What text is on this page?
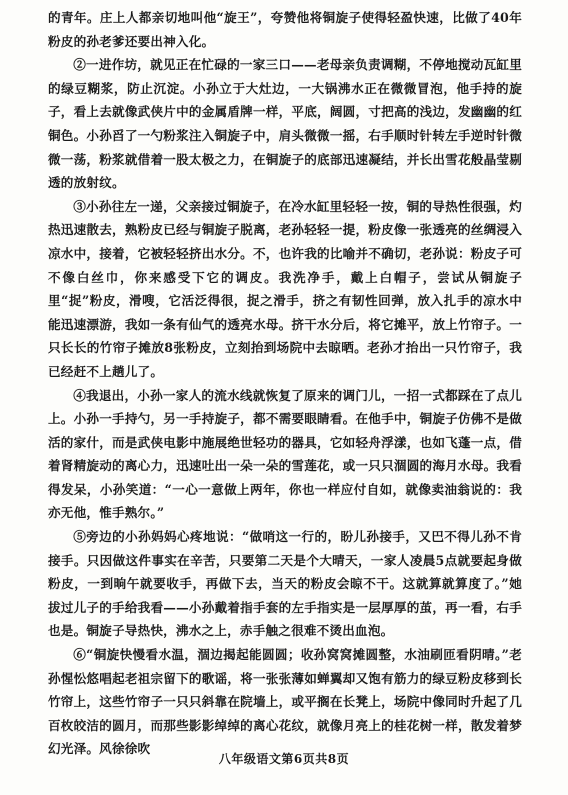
的青年。庄上人都亲切地叫他“旋王”，夸赞他将铜旋子使得轻盈快速，比做了40年粉皮的孙老爹还要出神入化。

②一进作坊，就见正在忙碌的一家三口——老母亲负责调糊，不停地搅动瓦缸里的绿豆糊浆，防止沉淀。小孙立于大灶边，一大锅沸水正在微微冒泡，他手持的旋子，看上去就像武侠片中的金属盾牌一样，平底，阔圆，寸把高的浅边，发幽幽的红铜色。小孙舀了一勺粉浆注入铜旋子中，肩头微微一摇，右手顺时针转左手逆时针微微一荡，粉浆就借着一股太极之力，在铜旋子的底部迅速凝结，并长出雪花般晶莹剔透的放射纹。

③小孙往左一递，父亲接过铜旋子，在冷水缸里轻轻一按，铜的导热性很强，灼热迅速散去，熟粉皮已经与铜旋子脱离，老孙轻轻一提，粉皮像一张透亮的丝绸浸入凉水中，接着，它被轻轻挤出水分。不，也许我的比喻并不确切，老孙说：粉皮子可不像白丝巾，你来感受下它的调皮。我洗净手，戴上白帽子，尝试从铜旋子里“捉”粉皮，滑嗖，它活泛得很，捉之滑手，挤之有韧性回弹，放入扎手的凉水中能迅速漂游，我如一条有仙气的透亮水母。挤干水分后，将它摊平，放上竹帘子。一只长长的竹帘子摊放8张粉皮，立刻抬到场院中去晾晒。老孙才抬出一只竹帘子，我已经赶不上趟儿了。

④我退出，小孙一家人的流水线就恢复了原来的调门儿，一招一式都踩在了点儿上。小孙一手持勺，另一手持旋子，都不需要眼睛看。在他手中，铜旋子仿佛不是做活的家什，而是武侠电影中施展绝世轻功的器具，它如轻舟浮漾，也如飞蓬一点，借着肾精旋动的离心力，迅速吐出一朵一朵的雪莲花，或一只只涸圆的海月水母。我看得发呆，小孙笑道：“一心一意做上两年，你也一样应付自如，就像卖油翁说的：我亦无他，惟手熟尔。”

⑤旁边的小孙妈妈心疼地说：“做哨这一行的，盼儿孙接手，又巴不得儿孙不肯接手。只因做这件事实在辛苦，只要第二天是个大晴天，一家人凌晨5点就要起身做粉皮，一到晌午就要收手，再做下去，当天的粉皮会晾不干。这就算就算度了。”她拔过儿子的手给我看——小孙戴着指手套的左手指实是一层厚厚的茧，再一看，右手也是。铜旋子导热快，沸水之上，赤手触之很难不烫出血泡。

⑥“铜旋快慢看水温，涸边揭起能圆圆；收孙窝窝摊圆整，水油刷匝看阴晴。”老孙惺忪悠唱起老祖宗留下的歌谣，将一张张薄如蝉翼却又饱有筋力的绿豆粉皮移到长竹帘上，这些竹帘子一只只斜靠在院墙上，或平搁在长凳上，场院中像同时升起了几百枚皎洁的圆月，而那些影影绰绰的离心花纹，就像月亮上的桂花树一样，散发着梦幻光泽。风徐徐吹

八年级语文第6页共8页
